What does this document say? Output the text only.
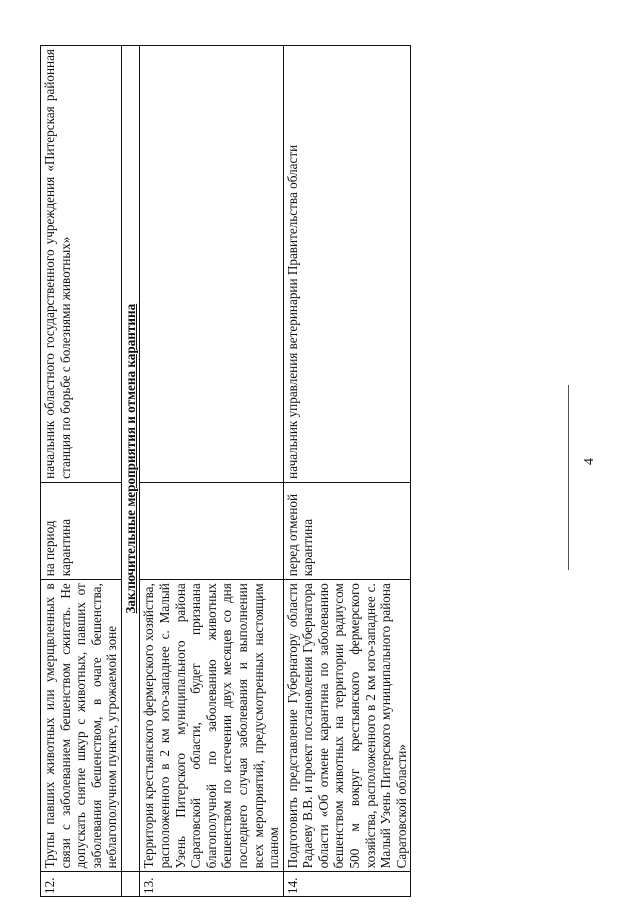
4
12.	Трупы павших животных или умерщвленных в связи с заболеванием бешенством сжигать. Не допускать снятие шкур с животных, павших от заболевания бешенством, в очаге бешенства, неблагополучном пункте, угрожаемой зоне	на период карантина	начальник областного государственного учреждения «Питерская районная станция по борьбе с болезнями животных»
	Заключительные мероприятия и отмена карантина		
13.	Территория крестьянского фермерского хозяйства, расположенного в 2 км юго-западнее с. Малый Узень Питерского муниципального района Саратовской области, будет признана благополучной по заболеванию животных бешенством по истечении двух месяцев со дня последнего случая заболевания и выполнении всех мероприятий, предусмотренных настоящим планом		
14.	Подготовить представление Губернатору области Радаеву В.В. и проект постановления Губернатора области «Об отмене карантина по заболеванию бешенством животных на территории радиусом 500 м вокруг крестьянского фермерского хозяйства, расположенного в 2 км юго-западнее с. Малый Узень Питерского муниципального района Саратовской области»	перед отменой карантина	начальник управления ветеринарии Правительства области
